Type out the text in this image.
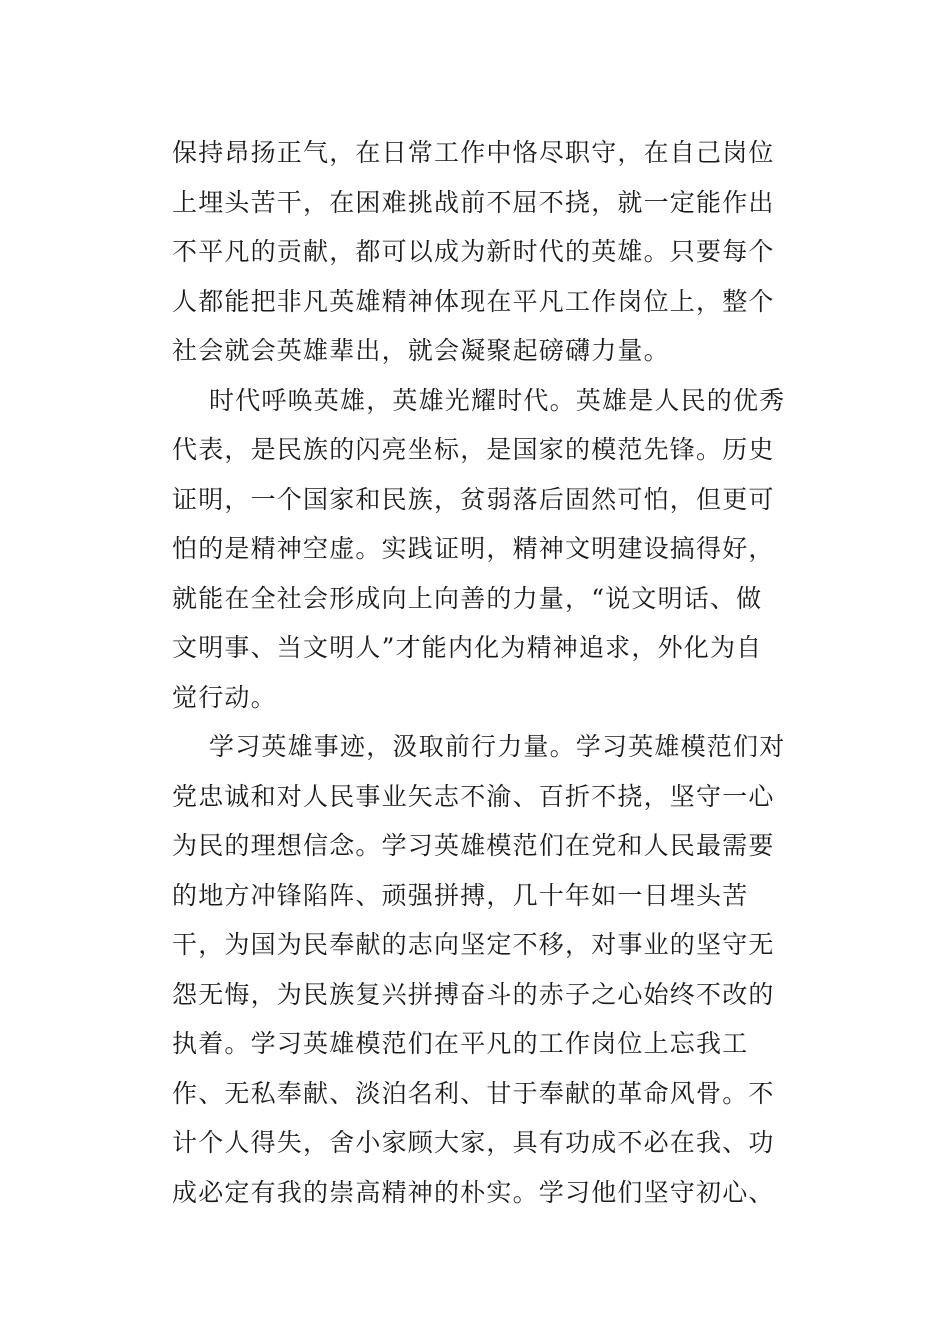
保持昂扬正气，在日常工作中恪尽职守，在自己岗位
上埋头苦干，在困难挑战前不屈不挠，就一定能作出
不平凡的贡献，都可以成为新时代的英雄。只要每个
人都能把非凡英雄精神体现在平凡工作岗位上，整个
社会就会英雄辈出，就会凝聚起磅礴力量。
时代呼唤英雄，英雄光耀时代。英雄是人民的优秀
代表，是民族的闪亮坐标，是国家的模范先锋。历史
证明，一个国家和民族，贫弱落后固然可怕，但更可
怕的是精神空虚。实践证明，精神文明建设搞得好，
就能在全社会形成向上向善的力量，“说文明话、做
文明事、当文明人”才能内化为精神追求，外化为自
觉行动。
学习英雄事迹，汲取前行力量。学习英雄模范们对
党忠诚和对人民事业矢志不渝、百折不挠，坚守一心
为民的理想信念。学习英雄模范们在党和人民最需要
的地方冲锋陷阵、顽强拼搏，几十年如一日埋头苦
干，为国为民奉献的志向坚定不移，对事业的坚守无
怨无悔，为民族复兴拼搏奋斗的赤子之心始终不改的
执着。学习英雄模范们在平凡的工作岗位上忘我工
作、无私奉献、淡泊名利、甘于奉献的革命风骨。不
计个人得失，舍小家顾大家，具有功成不必在我、功
成必定有我的崇高精神的朴实。学习他们坚守初心、
